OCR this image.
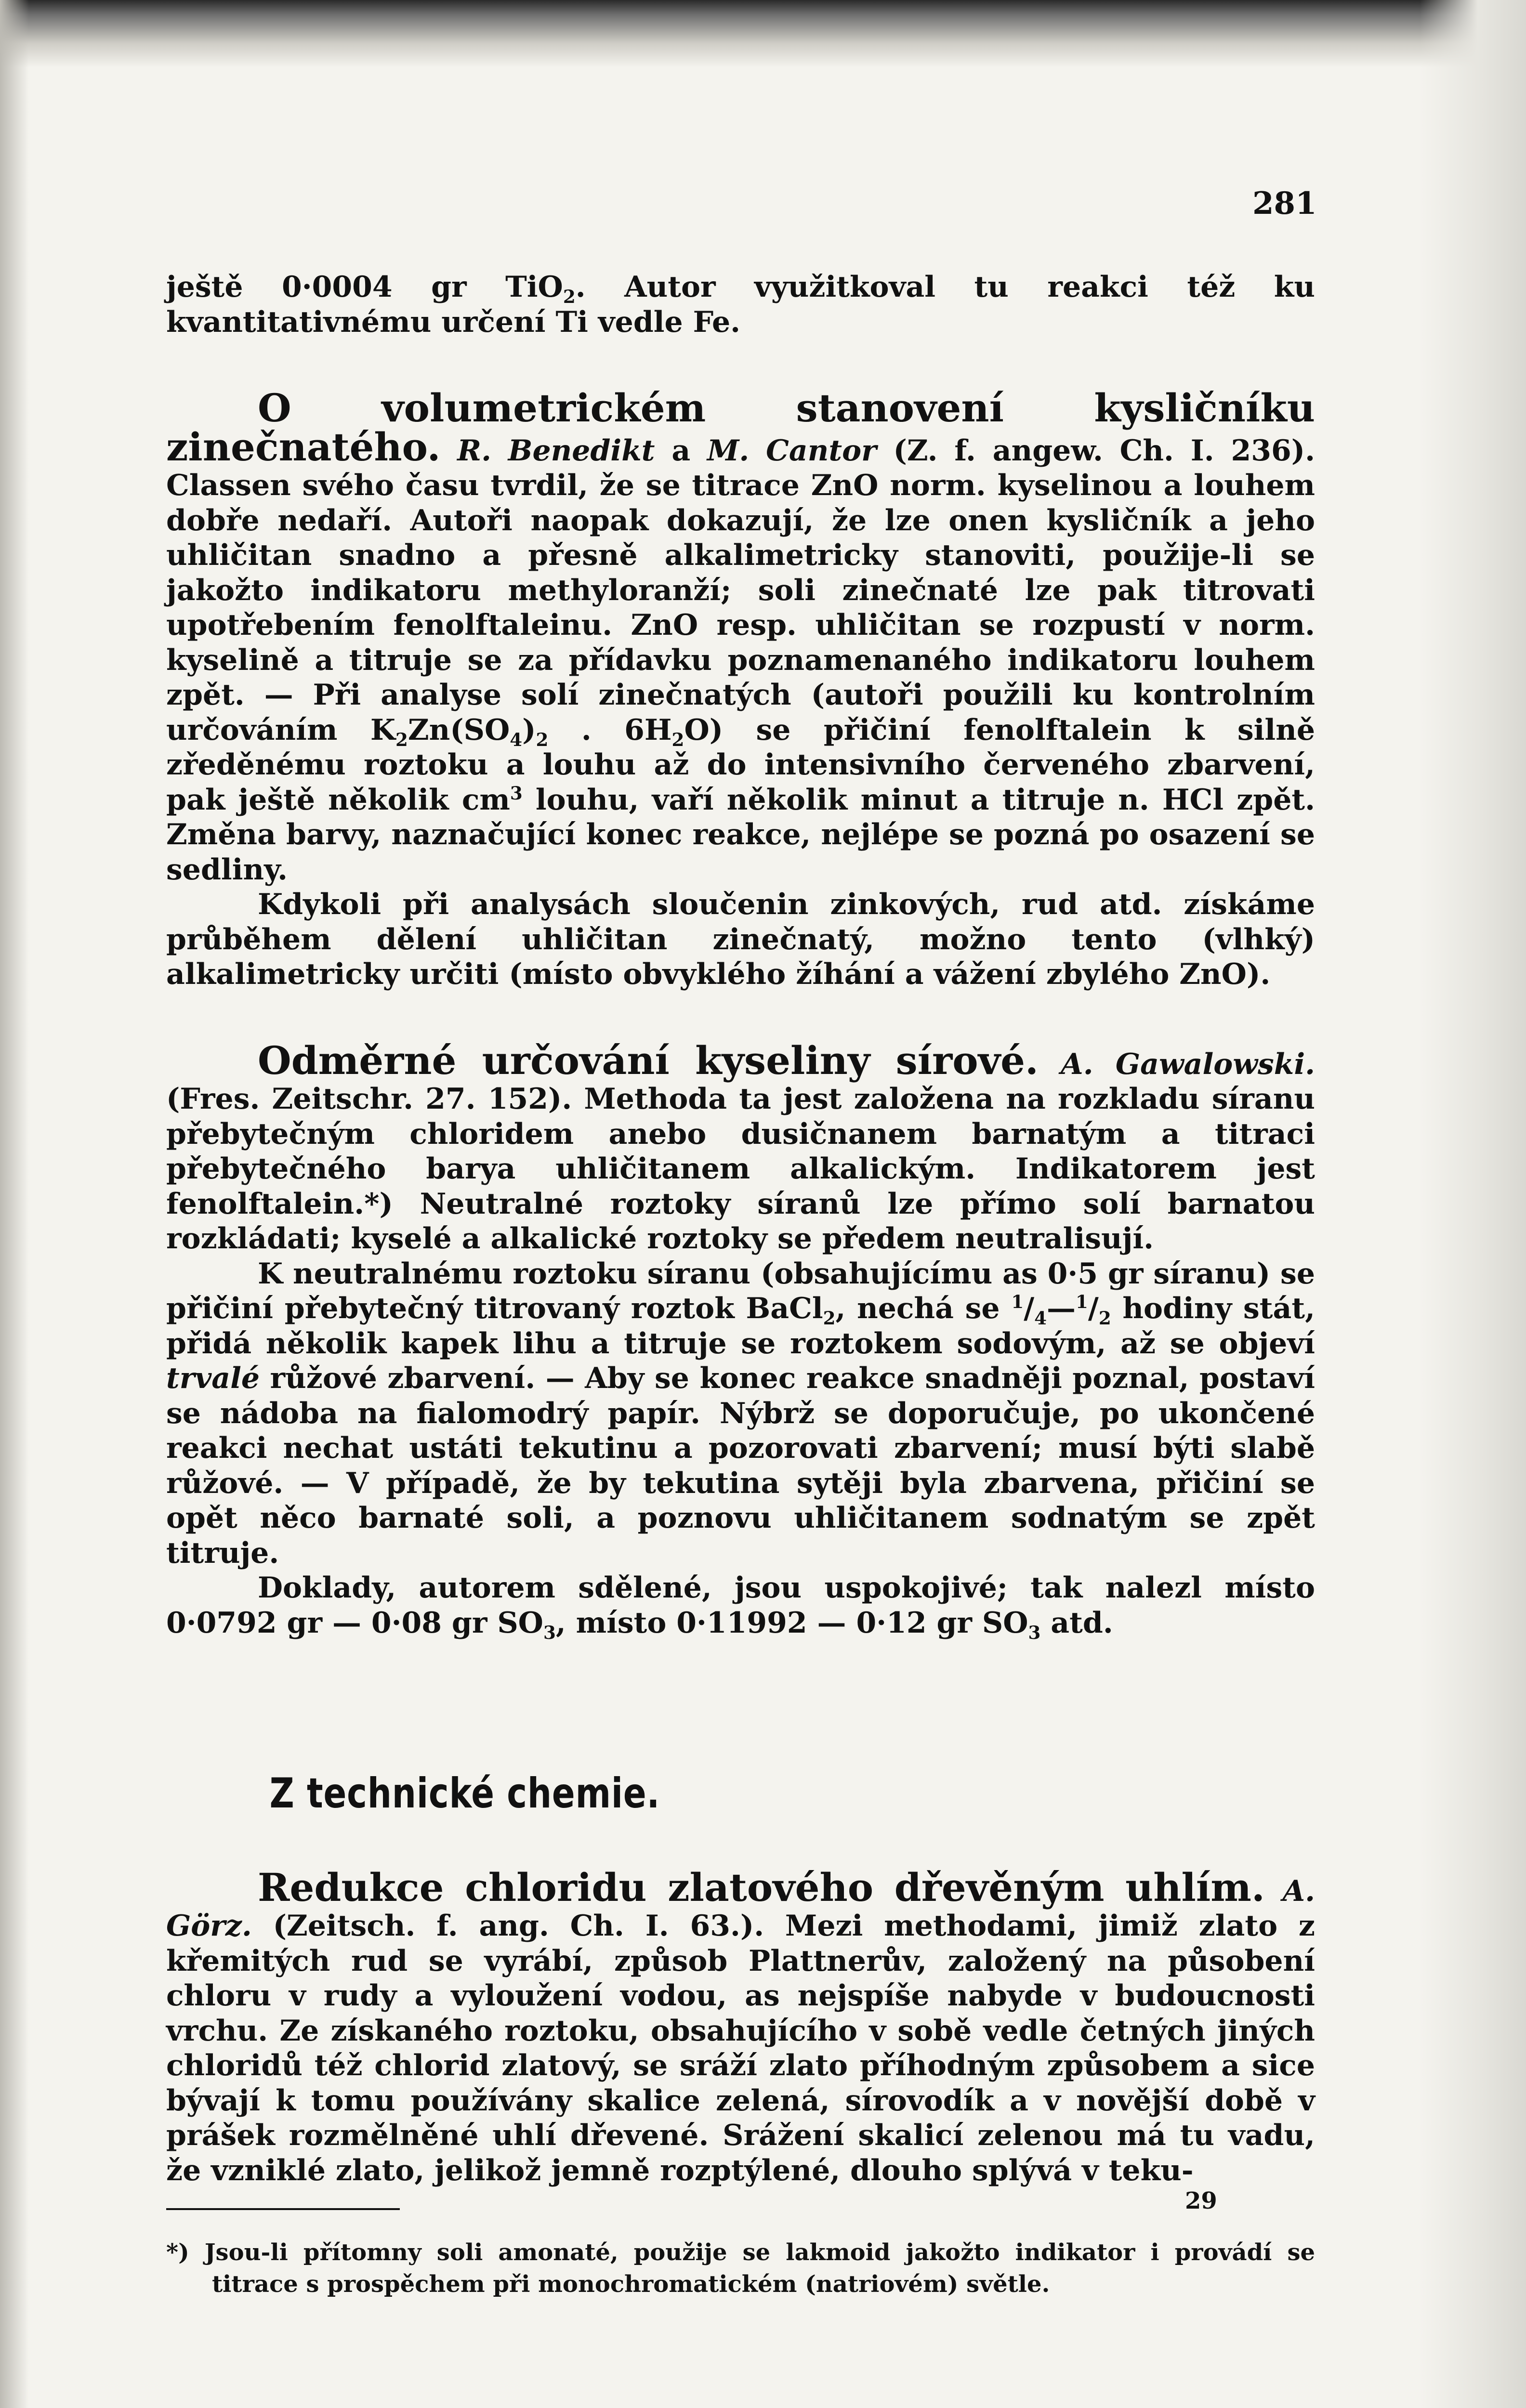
281

ještě 0·0004 gr TiO$_2$. Autor využitkoval tu reakci též ku kvantitativnému určení Ti vedle Fe.

O volumetrickém stanovení kysličníku zinečnatého. R. Benedikt a M. Cantor (Z. f. angew. Ch. I. 236). Classen svého času tvrdil, že se titrace ZnO norm. kyselinou a louhem dobře nedaří. Autoři naopak dokazují, že lze onen kysličník a jeho uhličitan snadno a přesně alkalimetricky stanoviti, použije-li se jakožto indikatoru methyloranží; soli zinečnaté lze pak titrovati upotřebením fenolftaleinu. ZnO resp. uhličitan se rozpustí v norm. kyselině a titruje se za přídavku poznamenaného indikatoru louhem zpět. — Při analyse solí zinečnatých (autoři použili ku kontrolním určováním $K_2Zn(SO_4)_2$ . $6H_2O$) se přičiní fenolftalein k silně zředěnému roztoku a louhu až do intensivního červeného zbarvení, pak ještě několik $cm^3$ louhu, vaří několik minut a titruje n. HCl zpět. Změna barvy, naznačující konec reakce, nejlépe se pozná po osazení se sedliny.

Kdykoli při analysách sloučenin zinkových, rud atd. získáme průběhem dělení uhličitan zinečnatý, možno tento (vlhký) alkalimetricky určiti (místo obvyklého žíhání a vážení zbylého ZnO).

Odměrné určování kyseliny sírové. A. Gawalowski. (Fres. Zeitschr. 27. 152). Methoda ta jest založena na rozkladu síranu přebytečným chloridem anebo dusičnanem barnatým a titraci přebytečného barya uhličitanem alkalickým. Indikatorem jest fenolftalein.*) Neutralné roztoky síranů lze přímo solí barnatou rozkládati; kyselé a alkalické roztoky se předem neutralisují.

K neutralnému roztoku síranu (obsahujícímu as 0·5 gr síranu) se přičiní přebytečný titrovaný roztok BaCl$_2$, nechá se $^1/_4—^1/_2$ hodiny stát, přidá několik kapek lihu a titruje se roztokem sodovým, až se objeví trvalé růžové zbarvení. — Aby se konec reakce snadněji poznal, postaví se nádoba na fialomodrý papír. Nýbrž se doporučuje, po ukončené reakci nechat ustáti tekutinu a pozorovati zbarvení; musí býti slabě růžové. — V případě, že by tekutina sytěji byla zbarvena, přičiní se opět něco barnaté soli, a poznovu uhličitanem sodnatým se zpět titruje.

Doklady, autorem sdělené, jsou uspokojivé; tak nalezl místo 0·0792 gr — 0·08 gr $SO_3$, místo 0·11992 — 0·12 gr $SO_3$ atd.

Z technické chemie.

Redukce chloridu zlatového dřevěným uhlím. A. Görz. (Zeitsch. f. ang. Ch. I. 63.). Mezi methodami, jimiž zlato z křemitých rud se vyrábí, způsob Plattnerův, založený na působení chloru v rudy a vyloužení vodou, as nejspíše nabyde v budoucnosti vrchu. Ze získaného roztoku, obsahujícího v sobě vedle četných jiných chloridů též chlorid zlatový, se sráží zlato příhodným způsobem a sice bývají k tomu používány skalice zelená, sírovodík a v novější době v prášek rozmělněné uhlí dřevené. Srážení skalicí zelenou má tu vadu, že vzniklé zlato, jelikož jemně rozptýlené, dlouho splývá v teku-

*) Jsou-li přítomny soli amonaté, použije se lakmoid jakožto indikator i provádí se titrace s prospěchem při monochromatickém (natriovém) světle.

29
